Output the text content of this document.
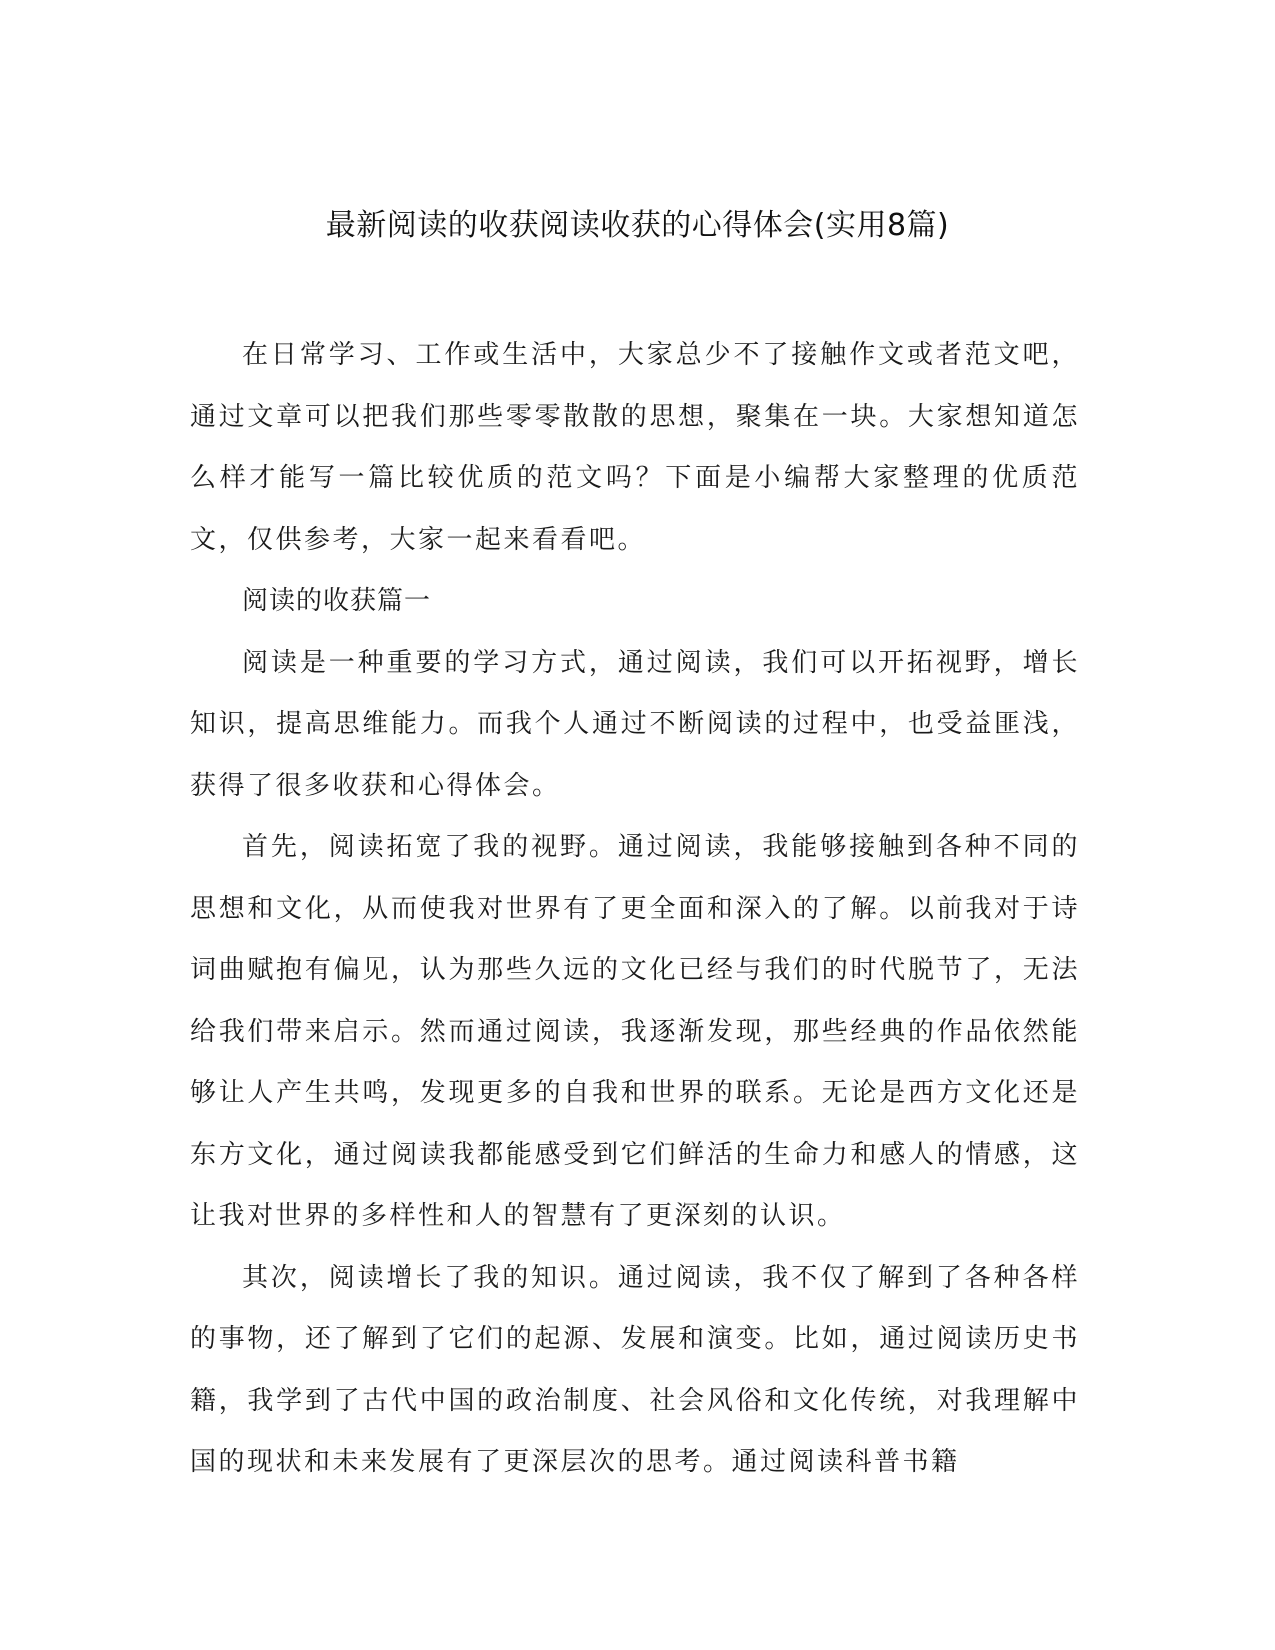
最新阅读的收获阅读收获的心得体会(实用8篇)

在日常学习、工作或生活中，大家总少不了接触作文或者范文吧，通过文章可以把我们那些零零散散的思想，聚集在一块。大家想知道怎么样才能写一篇比较优质的范文吗？下面是小编帮大家整理的优质范文，仅供参考，大家一起来看看吧。

阅读的收获篇一

阅读是一种重要的学习方式，通过阅读，我们可以开拓视野，增长知识，提高思维能力。而我个人通过不断阅读的过程中，也受益匪浅，获得了很多收获和心得体会。

首先，阅读拓宽了我的视野。通过阅读，我能够接触到各种不同的思想和文化，从而使我对世界有了更全面和深入的了解。以前我对于诗词曲赋抱有偏见，认为那些久远的文化已经与我们的时代脱节了，无法给我们带来启示。然而通过阅读，我逐渐发现，那些经典的作品依然能够让人产生共鸣，发现更多的自我和世界的联系。无论是西方文化还是东方文化，通过阅读我都能感受到它们鲜活的生命力和感人的情感，这让我对世界的多样性和人的智慧有了更深刻的认识。

其次，阅读增长了我的知识。通过阅读，我不仅了解到了各种各样的事物，还了解到了它们的起源、发展和演变。比如，通过阅读历史书籍，我学到了古代中国的政治制度、社会风俗和文化传统，对我理解中国的现状和未来发展有了更深层次的思考。通过阅读科普书籍
